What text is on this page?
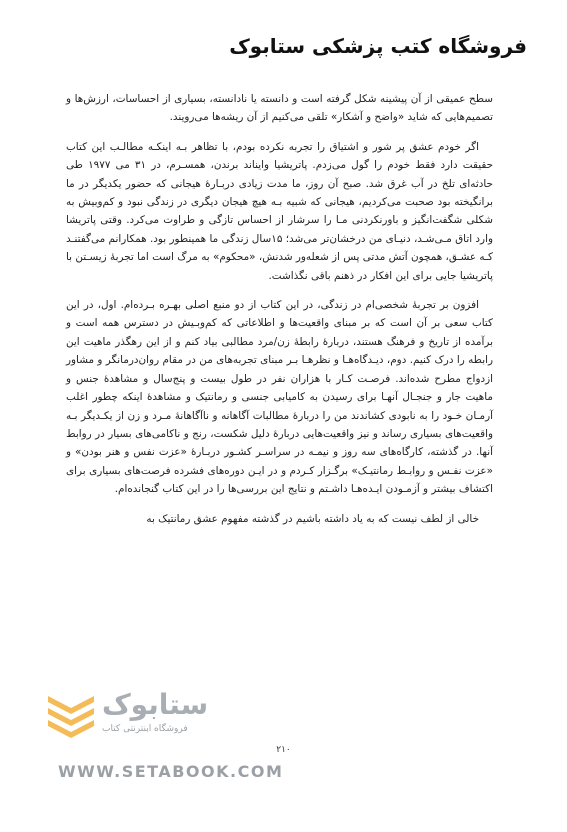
فروشگاه کتب پزشکی ستابوک

سطح عمیقی از آن پیشینه شکل گرفته است و دانسته یا نادانسته، بسیاری از احساسات، ارزش‌ها و تصمیم‌هایی که شاید «واضح و آشکار» تلقی می‌کنیم از آن ریشه‌ها می‌رویند.

اگر خودم عشق پر شور و اشتیاق را تجربه نکرده بودم، با تظاهر بـه اینکـه مطالـب این کتاب حقیقت دارد فقط خودم را گول می‌زدم. پاتریشیا وایناند برندن، همسـرم، در ۳۱ می ۱۹۷۷ طی حادثه‌ای تلخ در آب غرق شد. صبح آن روز، ما مدت زیادی دربـارهٔ هیجانی که حضور یکدیگر در ما برانگیخته بود صحبت می‌کردیم، هیجانی که شبیه بـه هیچ هیجان دیگری در زندگی نبود و کم‌وبیش به شکلی شگفت‌انگیز و باورنکردنی مـا را سرشار از احساس تازگی و طراوت می‌کرد. وقتی پاتریشا وارد اتاق مـی‌شـد، دنیـای من درخشان‌تر می‌شد؛ ۱۵سال زندگی ما همینطور بود. همکارانم می‌گفتنـد کـه عشـق، همچون آتش مدتی پس از شعله‌ور شدنش، «محکوم» به مرگ است اما تجربهٔ زیسـتن با پاتریشیا جایی برای این افکار در ذهنم باقی نگذاشت.

افزون بر تجربهٔ شخصی‌ام در زندگی، در این کتاب از دو منبع اصلی بهـره بـرده‌ام. اول، در این کتاب سعی بر آن است که بر مبنای واقعیت‌ها و اطلاعاتی که کم‌وبـیش در دسترس همه است و برآمده از تاریخ و فرهنگ هستند، دربارهٔ رابطهٔ زن/مرد مطالبی بیاد کنم و از این رهگذر ماهیت این رابطه را درک کنیم. دوم، دیـدگاه‌هـا و نظرهـا بـر مبنای تجربه‌های من در مقام روان‌درمانگر و مشاور ازدواج مطرح شده‌اند. فرصـت کـار با هزاران نفر در طول بیست و پنج‌سال و مشاهدهٔ جنس و ماهیت جار و جنجـال آنهـا برای رسیدن به کامیابی جنسی و رمانتیک و مشاهدهٔ اینکه چطور اغلب آرمـان خـود را به نابودی کشاندند من را دربارهٔ مطالبات آگاهانه و ناآگاهانهٔ مـرد و زن از یکـدیگر بـه واقعیت‌های بسیاری رساند و نیز واقعیت‌هایی دربارهٔ دلیل شکست، رنج و ناکامی‌های بسیار در روابط آنها. در گذشته، کارگاه‌های سه روز و نیمـه در سراسـر کشـور دربـارهٔ «عزت نفس و هنر بودن» و «عزت نفـس و روابـط رمانتیـک» برگـزار کـردم و در ایـن دوره‌های فشرده فرصت‌های بسیاری برای اکتشاف بیشتر و آزمـودن ایـده‌هـا داشـتم و نتایج این بررسی‌ها را در این کتاب گنجانده‌ام.

خالی از لطف نیست که به یاد داشته باشیم در گذشته مفهوم عشق رمانتیک به

ستابوک
فروشگاه اینترنتی کتاب
۲۱۰
WWW.SETABOOK.COM
